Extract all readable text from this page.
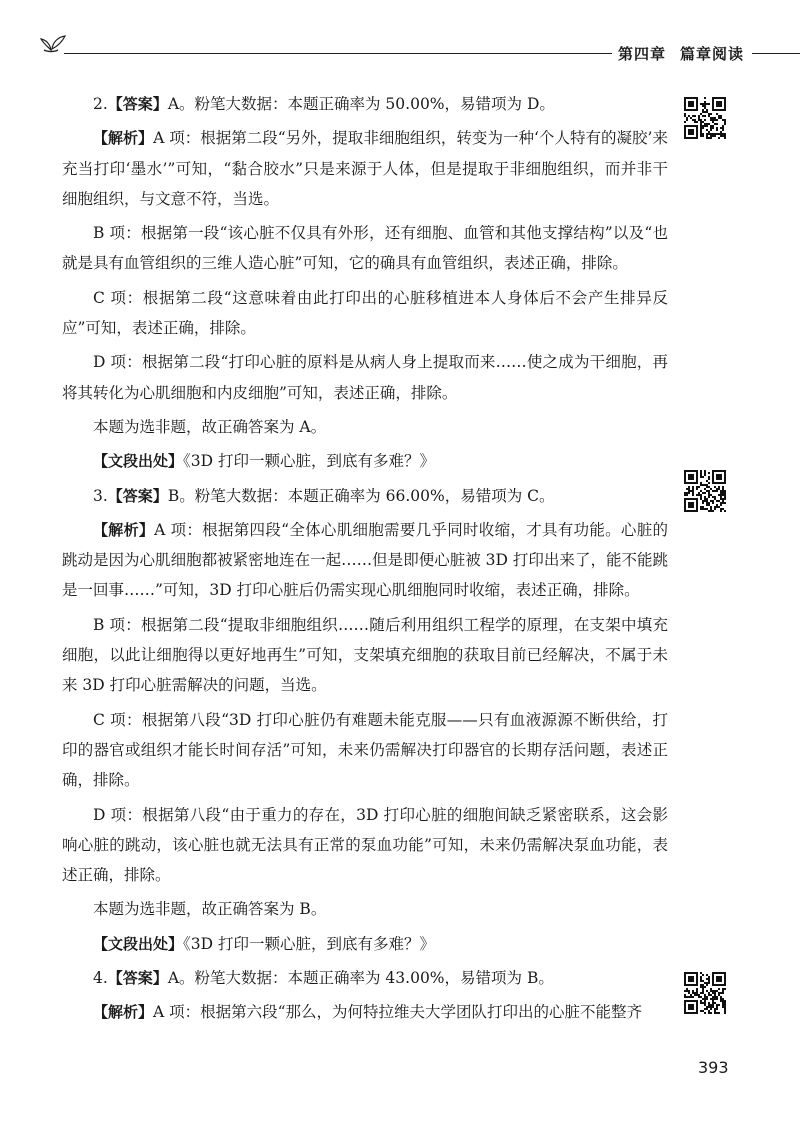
第四章 篇章阅读

2.【答案】A。粉笔大数据：本题正确率为 50.00%，易错项为 D。

【解析】A 项：根据第二段“另外，提取非细胞组织，转变为一种‘个人特有的凝胶’来充当打印‘墨水’”可知，“黏合胶水”只是来源于人体，但是提取于非细胞组织，而并非干细胞组织，与文意不符，当选。

B 项：根据第一段“该心脏不仅具有外形，还有细胞、血管和其他支撑结构”以及“也就是具有血管组织的三维人造心脏”可知，它的确具有血管组织，表述正确，排除。

C 项：根据第二段“这意味着由此打印出的心脏移植进本人身体后不会产生排异反应”可知，表述正确，排除。

D 项：根据第二段“打印心脏的原料是从病人身上提取而来……使之成为干细胞，再将其转化为心肌细胞和内皮细胞”可知，表述正确，排除。

本题为选非题，故正确答案为 A。

【文段出处】《3D 打印一颗心脏，到底有多难？》

3.【答案】B。粉笔大数据：本题正确率为 66.00%，易错项为 C。

【解析】A 项：根据第四段“全体心肌细胞需要几乎同时收缩，才具有功能。心脏的跳动是因为心肌细胞都被紧密地连在一起……但是即便心脏被 3D 打印出来了，能不能跳是一回事……”可知，3D 打印心脏后仍需实现心肌细胞同时收缩，表述正确，排除。

B 项：根据第二段“提取非细胞组织……随后利用组织工程学的原理，在支架中填充细胞，以此让细胞得以更好地再生”可知，支架填充细胞的获取目前已经解决，不属于未来 3D 打印心脏需解决的问题，当选。

C 项：根据第八段“3D 打印心脏仍有难题未能克服——只有血液源源不断供给，打印的器官或组织才能长时间存活”可知，未来仍需解决打印器官的长期存活问题，表述正确，排除。

D 项：根据第八段“由于重力的存在，3D 打印心脏的细胞间缺乏紧密联系，这会影响心脏的跳动，该心脏也就无法具有正常的泵血功能”可知，未来仍需解决泵血功能，表述正确，排除。

本题为选非题，故正确答案为 B。

【文段出处】《3D 打印一颗心脏，到底有多难？》

4.【答案】A。粉笔大数据：本题正确率为 43.00%，易错项为 B。

【解析】A 项：根据第六段“那么，为何特拉维夫大学团队打印出的心脏不能整齐

393
